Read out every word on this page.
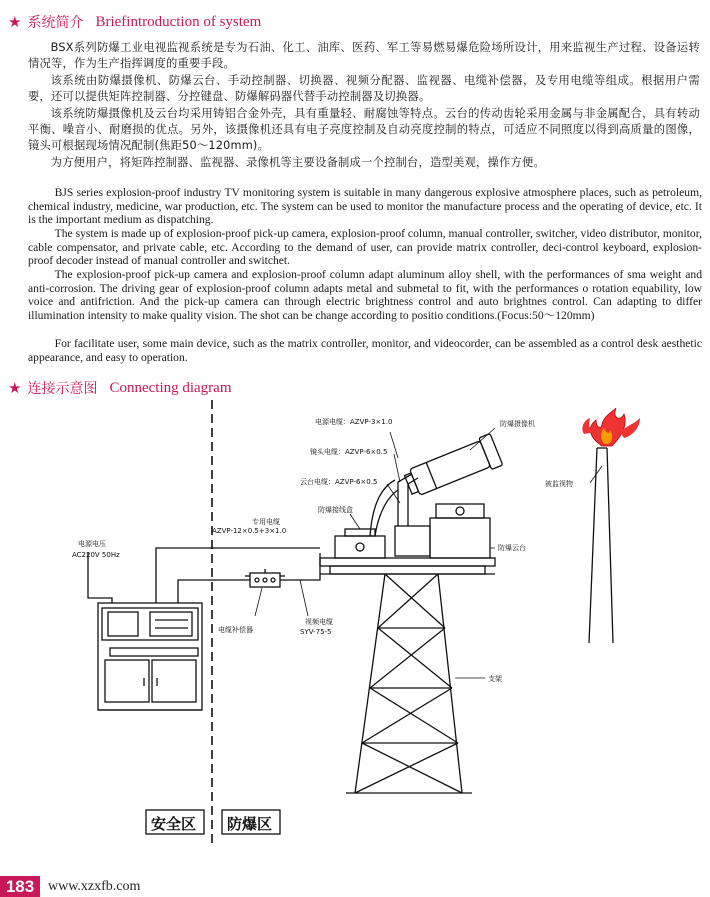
★ 系统简介 Briefintroduction of system

BSX系列防爆工业电视监视系统是专为石油、化工、油库、医药、军工等易燃易爆危险场所设计，用来监视生产过程、设备运转情况等，作为生产指挥调度的重要手段。

该系统由防爆摄像机、防爆云台、手动控制器、切换器、视频分配器、监视器、电缆补偿器，及专用电缆等组成。根据用户需要，还可以提供矩阵控制器、分控键盘、防爆解码器代替手动控制器及切换器。

该系统防爆摄像机及云台均采用铸铝合金外壳，具有重量轻、耐腐蚀等特点。云台的传动齿轮采用金属与非金属配合，具有转动平衡、噪音小、耐磨损的优点。另外，该摄像机还具有电子亮度控制及自动亮度控制的特点，可适应不同照度以得到高质量的图像，镜头可根据现场情况配制(焦距50～120mm)。

为方便用户，将矩阵控制器、监视器、录像机等主要设备制成一个控制台，造型美观，操作方便。

BJS series explosion-proof industry TV monitoring system is suitable in many dangerous explosive atmosphere places, such as petroleum, chemical industry, medicine, war production, etc. The system can be used to monitor the manufacture process and the operating of device, etc. It is the important medium as dispatching.

The system is made up of explosion-proof pick-up camera, explosion-proof column, manual controller, switcher, video distributor, monitor, cable compensator, and private cable, etc. According to the demand of user, can provide matrix controller, deci-control keyboard, explosion-proof decoder instead of manual controller and switchet.

The explosion-proof pick-up camera and explosion-proof column adapt aluminum alloy shell, with the performances of sma weight and anti-corrosion. The driving gear of explosion-proof column adapts metal and submetal to fit, with the performances o rotation equability, low voice and antifriction. And the pick-up camera can through electric brightness control and auto brightnes control. Can adapting to differ illumination intensity to make quality vision. The shot can be change according to positio conditions.(Focus:50～120mm)

For facilitate user, some main device, such as the matrix controller, monitor, and videocorder, can be assembled as a control desk aesthetic appearance, and easy to operation.

★ 连接示意图 Connecting diagram
电源电缆：AZVP-3×1.0
镜头电缆：AZVP-6×0.5
云台电缆：AZVP-6×0.5
防爆接线盒
专用电缆
AZVP-12×0.5+3×1.0
电源电压
AC220V 50Hz
电缆补偿器
视频电缆
SYV-75-5
防爆摄像机
被监视物
防爆云台
支架
安全区 防爆区
183 www.xzxfb.com
